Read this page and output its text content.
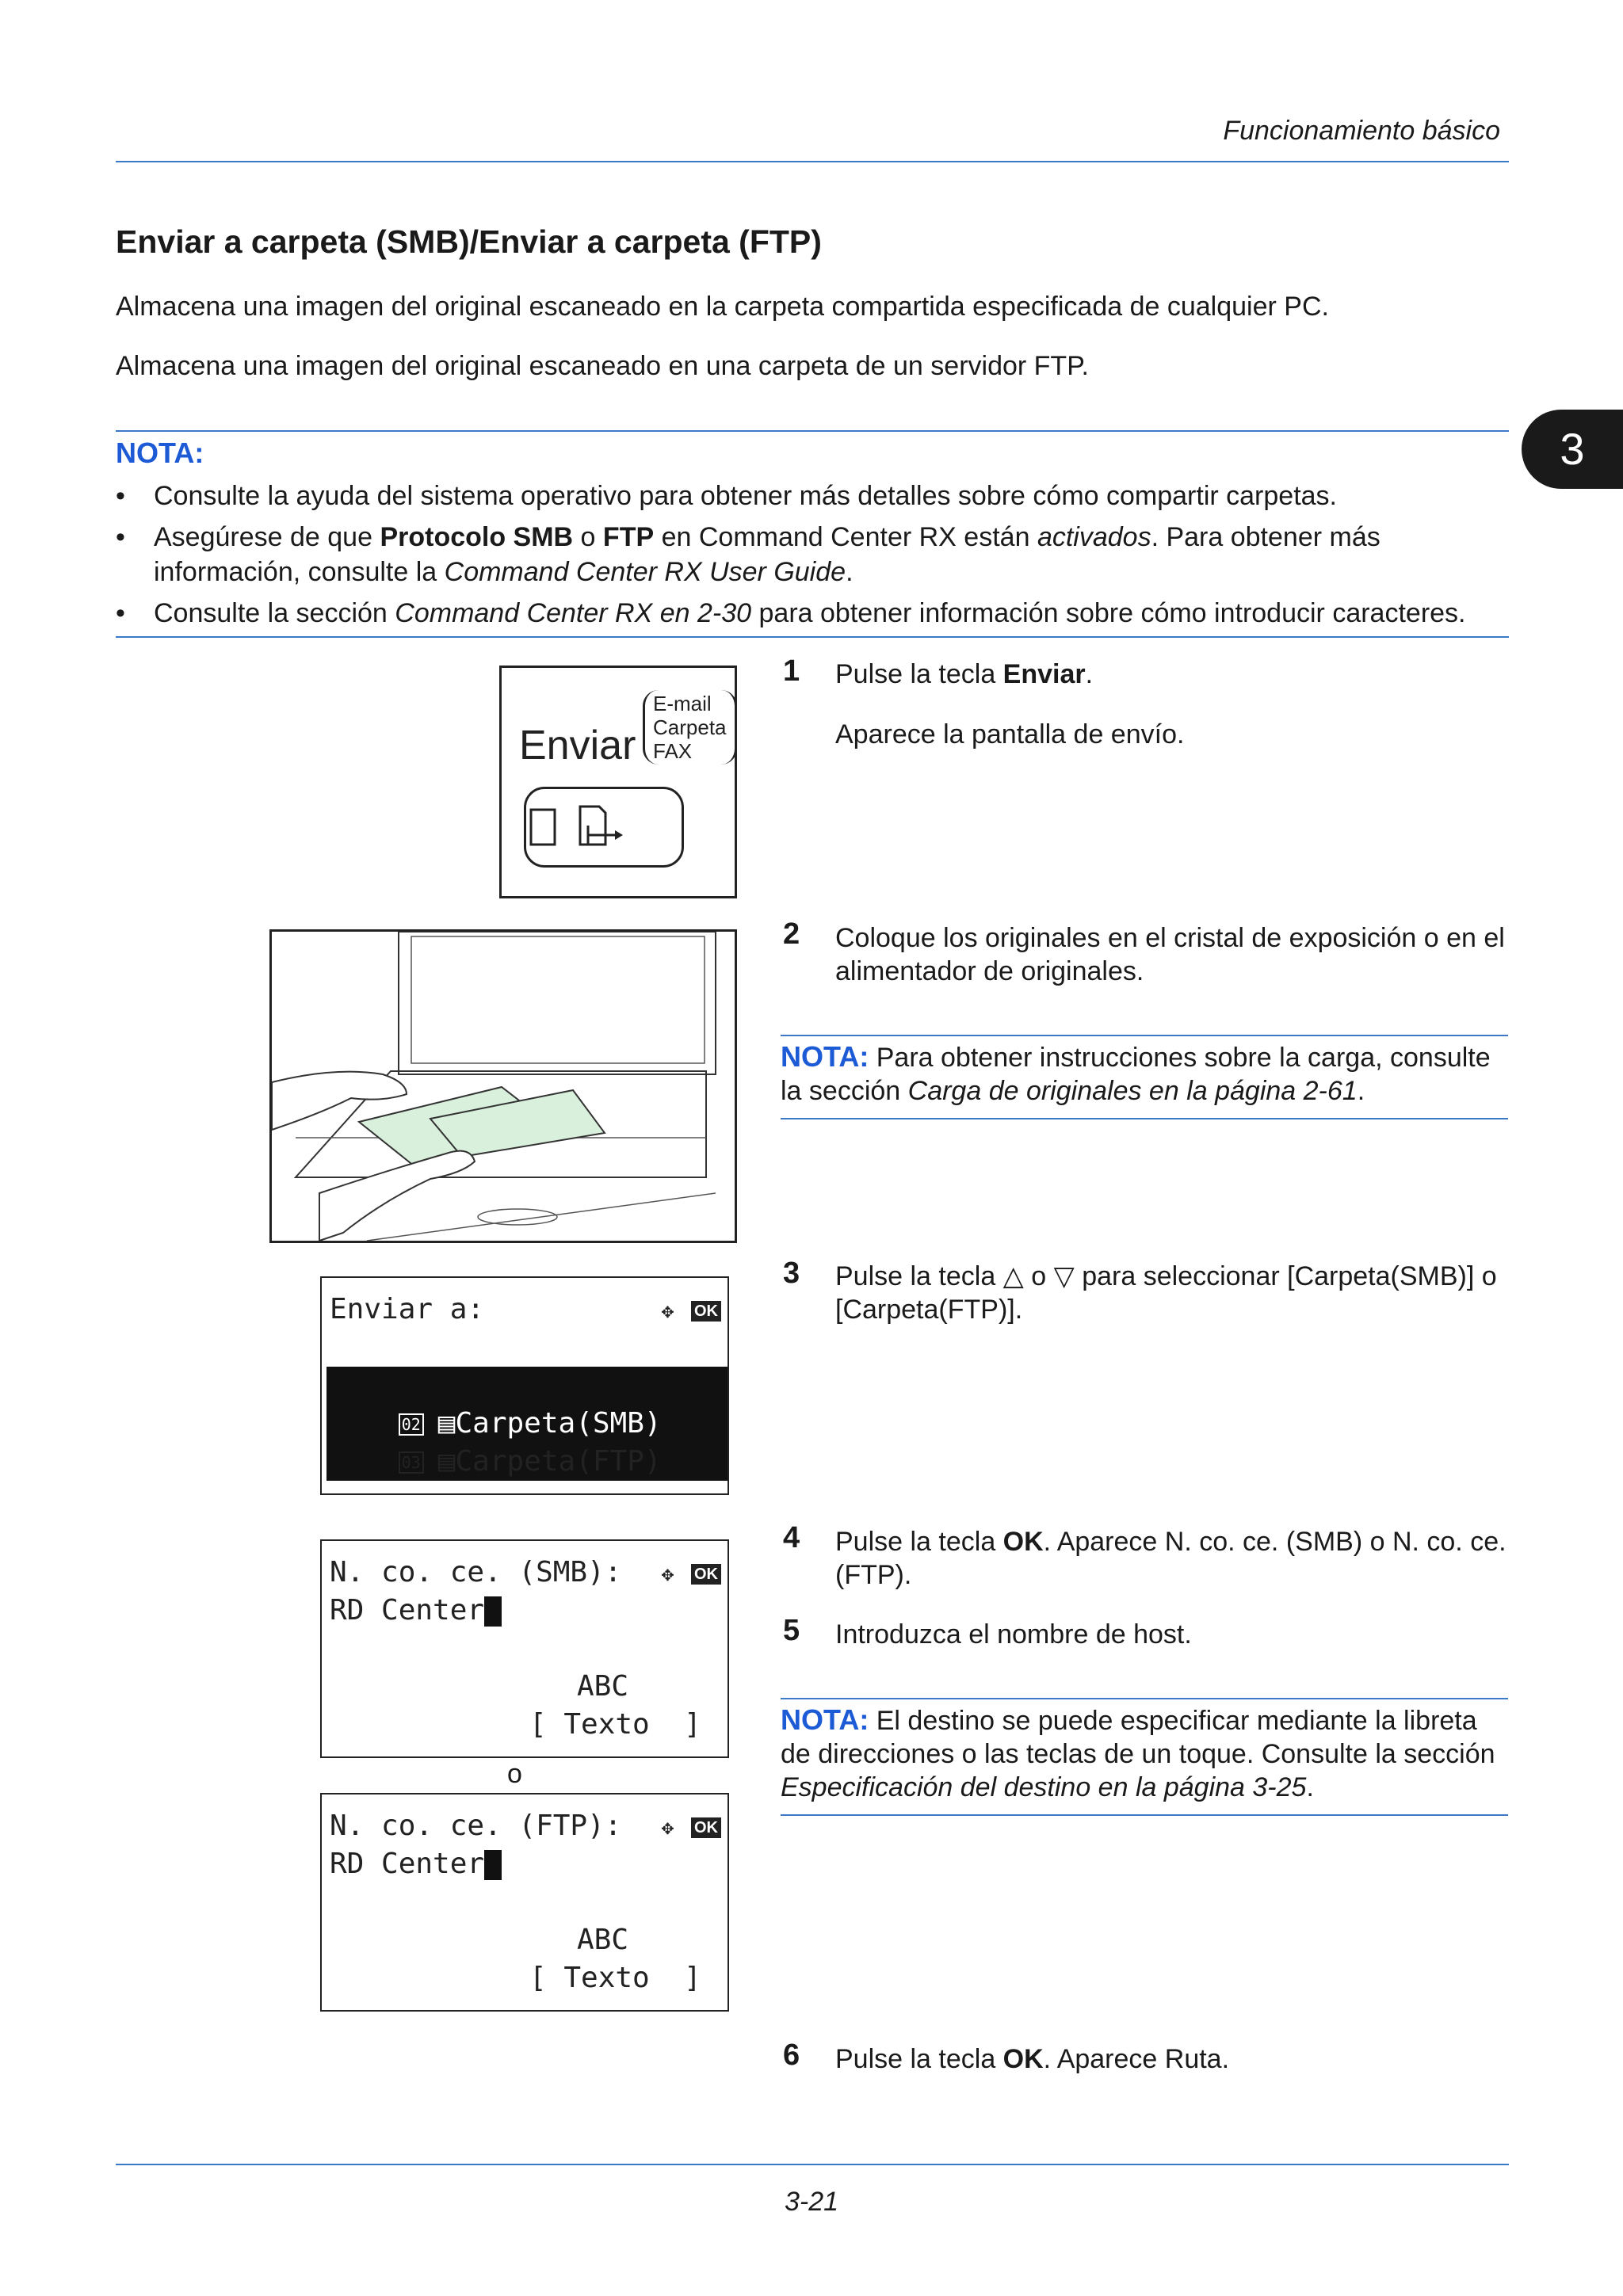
Funcionamiento básico
3
Enviar a carpeta (SMB)/Enviar a carpeta (FTP)
Almacena una imagen del original escaneado en la carpeta compartida especificada de cualquier PC.
Almacena una imagen del original escaneado en una carpeta de un servidor FTP.
NOTA:
• Consulte la ayuda del sistema operativo para obtener más detalles sobre cómo compartir carpetas.
• Asegúrese de que Protocolo SMB o FTP en Command Center RX están activados. Para obtener más información, consulte la Command Center RX User Guide.
• Consulte la sección Command Center RX en 2-30 para obtener información sobre cómo introducir caracteres.
Enviar
E-mail
Carpeta
FAX
1 Pulse la tecla Enviar.
Aparece la pantalla de envío.
2 Coloque los originales en el cristal de exposición o en el alimentador de originales.
NOTA: Para obtener instrucciones sobre la carga, consulte la sección Carga de originales en la página 2-61.
Enviar a:	✥ OK

02 ▤Carpeta(SMB)

03 ▤Carpeta(FTP)

3 Pulse la tecla △ o ▽ para seleccionar [Carpeta(SMB)] o [Carpeta(FTP)].
N. co. ce. (SMB): ✥ OK
RD Center
ABC
[ Texto  ]
o
N. co. ce. (FTP): ✥ OK
RD Center
ABC
[ Texto  ]
4 Pulse la tecla OK. Aparece N. co. ce. (SMB) o N. co. ce. (FTP).
5 Introduzca el nombre de host.
NOTA: El destino se puede especificar mediante la libreta de direcciones o las teclas de un toque. Consulte la sección Especificación del destino en la página 3-25.
6 Pulse la tecla OK. Aparece Ruta.
3-21
